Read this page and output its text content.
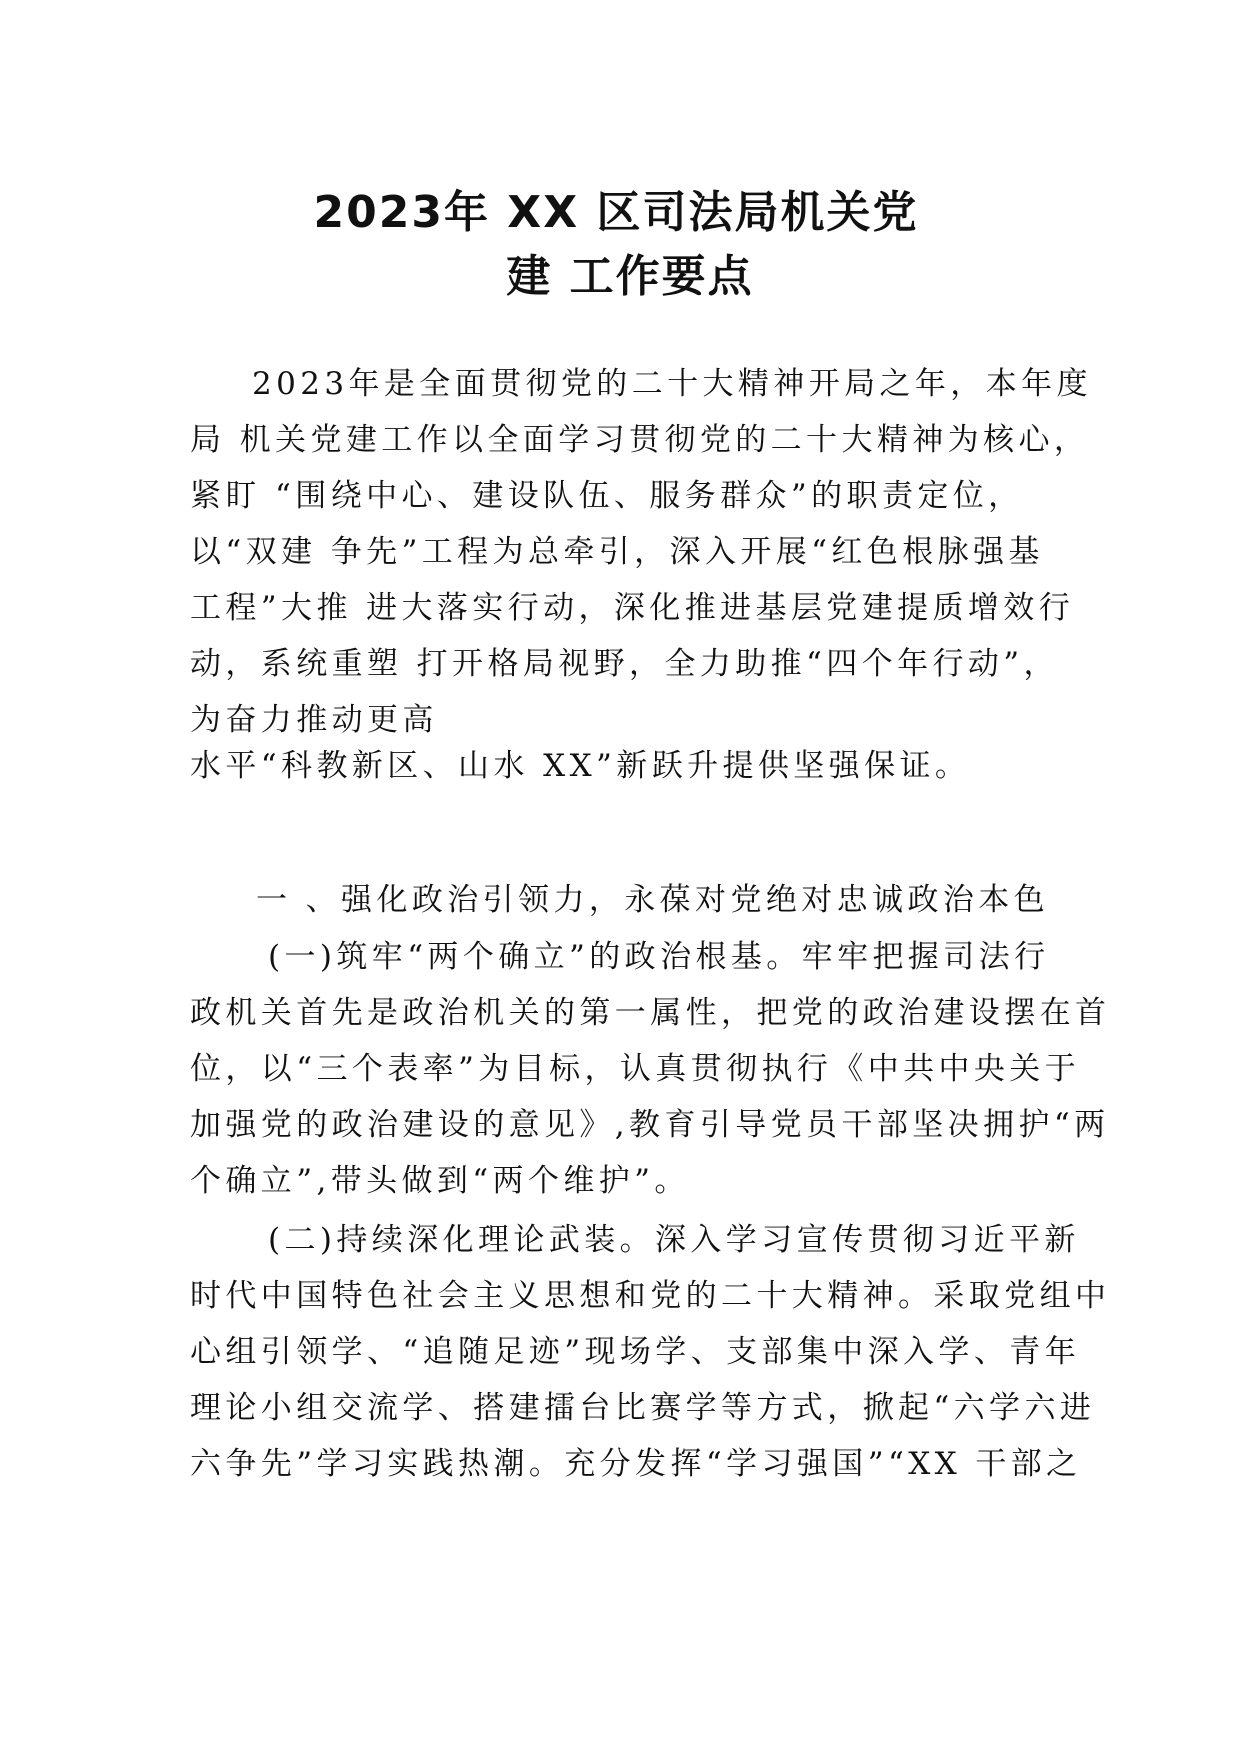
2023年 XX 区司法局机关党
建 工作要点
2023年是全面贯彻党的二十大精神开局之年，本年度
局 机关党建工作以全面学习贯彻党的二十大精神为核心，
紧盯 “围绕中心、建设队伍、服务群众”的职责定位，
以“双建 争先”工程为总牵引，深入开展“红色根脉强基
工程”大推 进大落实行动，深化推进基层党建提质增效行
动，系统重塑 打开格局视野，全力助推“四个年行动”，
为奋力推动更高
水平“科教新区、山水 XX”新跃升提供坚强保证。
一 、强化政治引领力，永葆对党绝对忠诚政治本色
(一)筑牢“两个确立”的政治根基。牢牢把握司法行
政机关首先是政治机关的第一属性，把党的政治建设摆在首
位，以“三个表率”为目标，认真贯彻执行《中共中央关于
加强党的政治建设的意见》,教育引导党员干部坚决拥护“两
个确立”,带头做到“两个维护”。
(二)持续深化理论武装。深入学习宣传贯彻习近平新
时代中国特色社会主义思想和党的二十大精神。采取党组中
心组引领学、“追随足迹”现场学、支部集中深入学、青年
理论小组交流学、搭建擂台比赛学等方式，掀起“六学六进
六争先”学习实践热潮。充分发挥“学习强国”“XX 干部之
